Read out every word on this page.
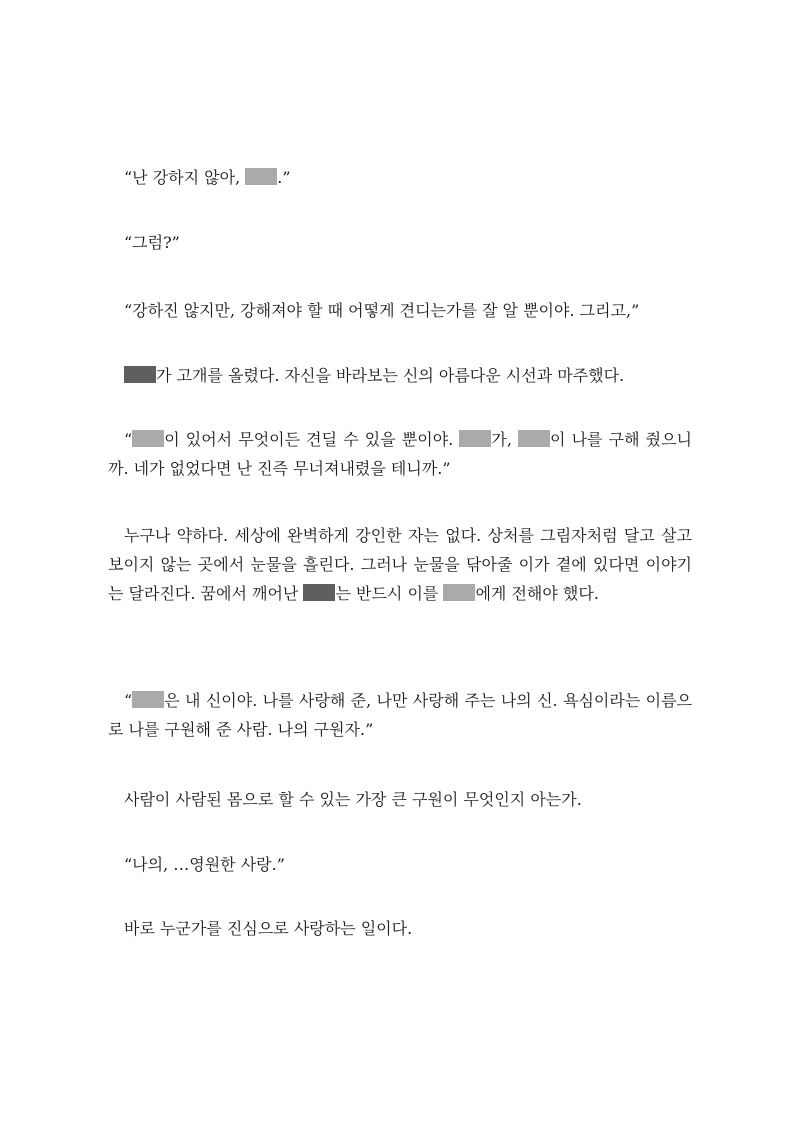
“난 강하지 않아, .”

“그럼?”

“강하진 않지만, 강해져야 할 때 어떻게 견디는가를 잘 알 뿐이야. 그리고,”

가 고개를 올렸다. 자신을 바라보는 신의 아름다운 시선과 마주했다.

“ 이 있어서 무엇이든 견딜 수 있을 뿐이야. 가, 이 나를 구해 줬으니까. 네가 없었다면 난 진즉 무너져내렸을 테니까.”

누구나 약하다. 세상에 완벽하게 강인한 자는 없다. 상처를 그림자처럼 달고 살고 보이지 않는 곳에서 눈물을 흘린다. 그러나 눈물을 닦아줄 이가 곁에 있다면 이야기는 달라진다. 꿈에서 깨어난 는 반드시 이를 에게 전해야 했다.

“ 은 내 신이야. 나를 사랑해 준, 나만 사랑해 주는 나의 신. 욕심이라는 이름으로 나를 구원해 준 사람. 나의 구원자.”

사람이 사람된 몸으로 할 수 있는 가장 큰 구원이 무엇인지 아는가.

“나의, …영원한 사랑.”

바로 누군가를 진심으로 사랑하는 일이다.
